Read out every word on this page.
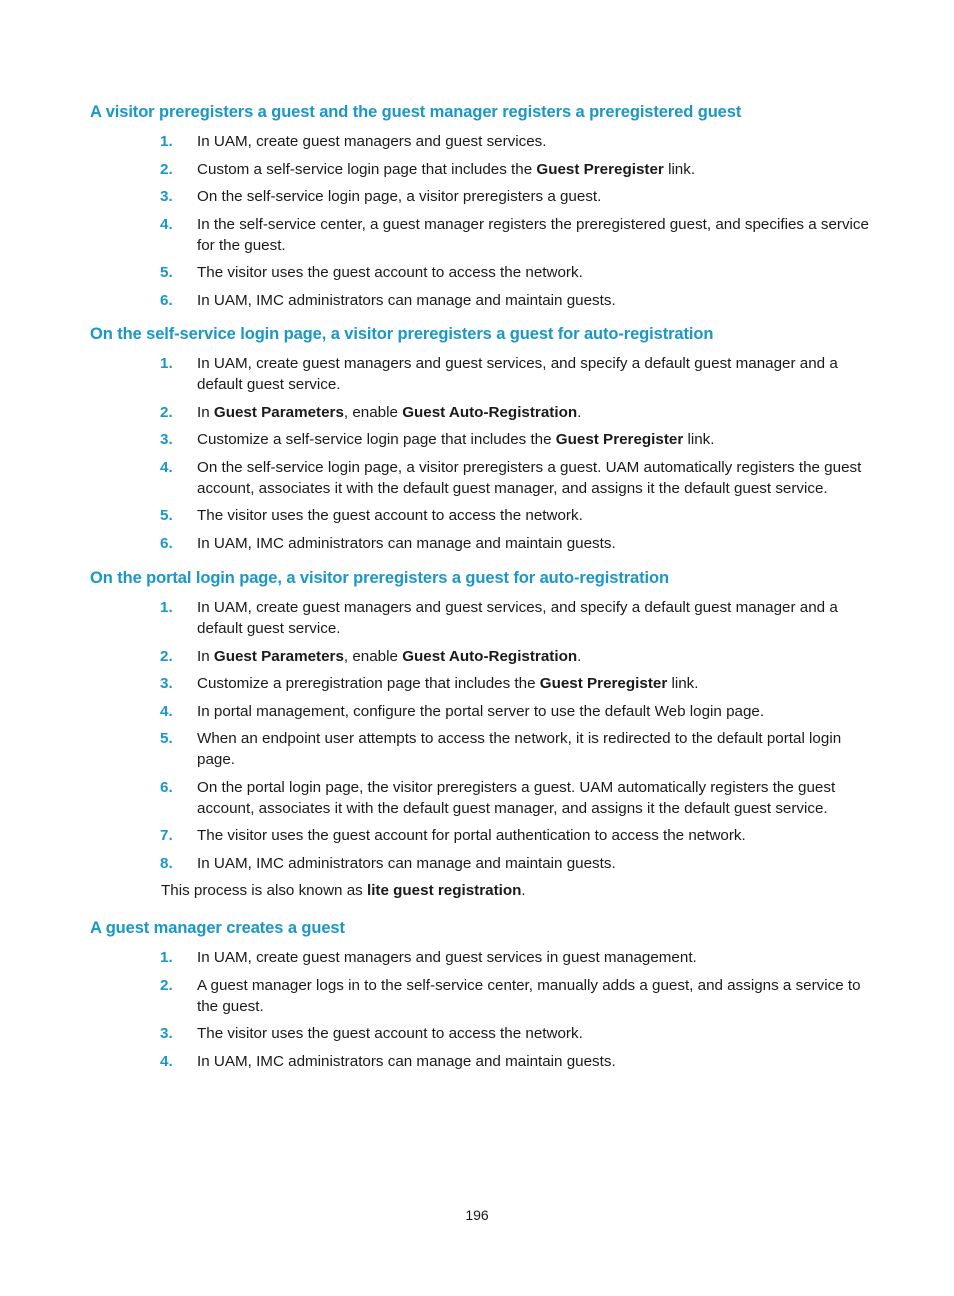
A visitor preregisters a guest and the guest manager registers a preregistered guest
1. In UAM, create guest managers and guest services.
2. Custom a self-service login page that includes the Guest Preregister link.
3. On the self-service login page, a visitor preregisters a guest.
4. In the self-service center, a guest manager registers the preregistered guest, and specifies a service for the guest.
5. The visitor uses the guest account to access the network.
6. In UAM, IMC administrators can manage and maintain guests.
On the self-service login page, a visitor preregisters a guest for auto-registration
1. In UAM, create guest managers and guest services, and specify a default guest manager and a default guest service.
2. In Guest Parameters, enable Guest Auto-Registration.
3. Customize a self-service login page that includes the Guest Preregister link.
4. On the self-service login page, a visitor preregisters a guest. UAM automatically registers the guest account, associates it with the default guest manager, and assigns it the default guest service.
5. The visitor uses the guest account to access the network.
6. In UAM, IMC administrators can manage and maintain guests.
On the portal login page, a visitor preregisters a guest for auto-registration
1. In UAM, create guest managers and guest services, and specify a default guest manager and a default guest service.
2. In Guest Parameters, enable Guest Auto-Registration.
3. Customize a preregistration page that includes the Guest Preregister link.
4. In portal management, configure the portal server to use the default Web login page.
5. When an endpoint user attempts to access the network, it is redirected to the default portal login page.
6. On the portal login page, the visitor preregisters a guest. UAM automatically registers the guest account, associates it with the default guest manager, and assigns it the default guest service.
7. The visitor uses the guest account for portal authentication to access the network.
8. In UAM, IMC administrators can manage and maintain guests.

This process is also known as lite guest registration.

A guest manager creates a guest
1. In UAM, create guest managers and guest services in guest management.
2. A guest manager logs in to the self-service center, manually adds a guest, and assigns a service to the guest.
3. The visitor uses the guest account to access the network.
4. In UAM, IMC administrators can manage and maintain guests.
196
